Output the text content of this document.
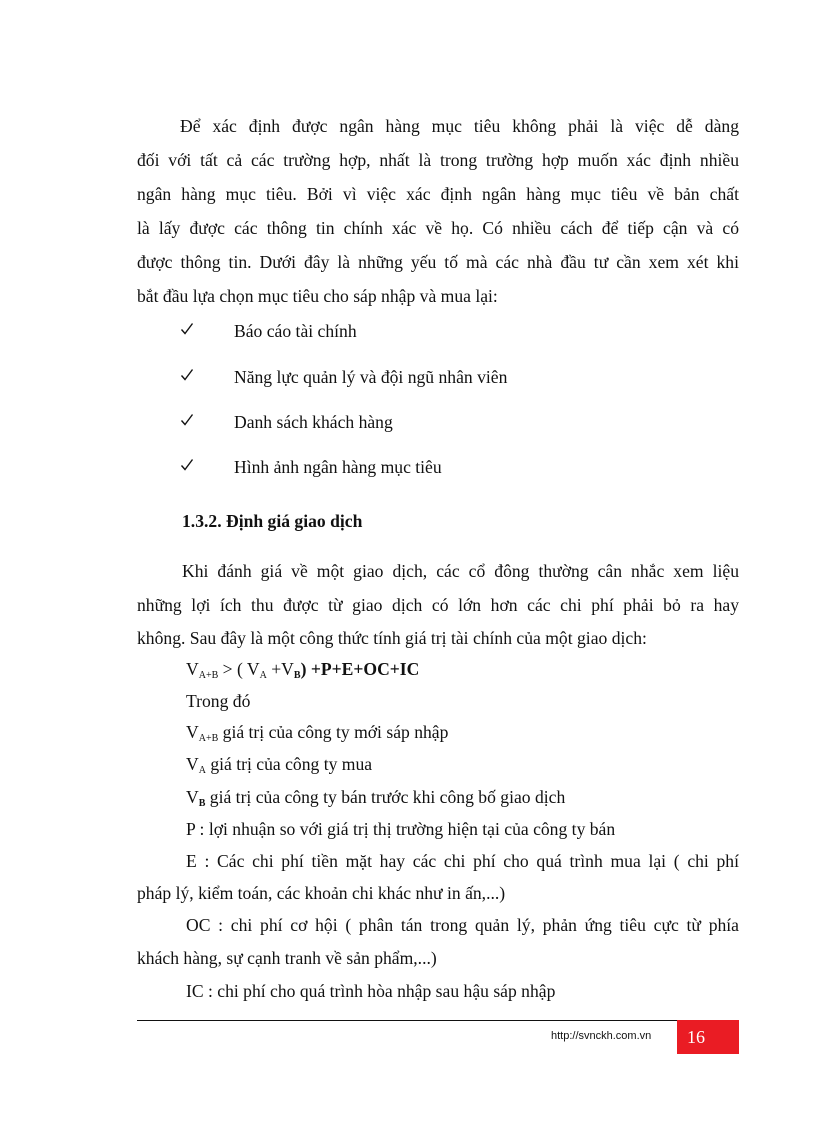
Để xác định được ngân hàng mục tiêu không phải là việc dễ dàng
đối với tất cả các trường hợp, nhất là trong trường hợp muốn xác định nhiều
ngân hàng mục tiêu. Bởi vì việc xác định ngân hàng mục tiêu về bản chất
là lấy được các thông tin chính xác về họ. Có nhiều cách để tiếp cận và có
được thông tin. Dưới đây là những yếu tố mà các nhà đầu tư cần xem xét khi
bắt đầu lựa chọn mục tiêu cho sáp nhập và mua lại:
Báo cáo tài chính
Năng lực quản lý và đội ngũ nhân viên
Danh sách khách hàng
Hình ảnh ngân hàng mục tiêu
1.3.2. Định giá giao dịch
Khi đánh giá về một giao dịch, các cổ đông thường cân nhắc xem liệu
những lợi ích thu được từ giao dịch có lớn hơn các chi phí phải bỏ ra hay
không. Sau đây là một công thức tính giá trị tài chính của một giao dịch:
$V_{A+B}$ > ( $V_A +V_B) +P+E+OC+IC$
Trong đó
$V_{A+B}$ giá trị của công ty mới sáp nhập
$V_A$ giá trị của công ty mua
$V_B$ giá trị của công ty bán trước khi công bố giao dịch
P : lợi nhuận so với giá trị thị trường hiện tại của công ty bán
E : Các chi phí tiền mặt hay các chi phí cho quá trình mua lại ( chi phí
pháp lý, kiểm toán, các khoản chi khác như in ấn,...)
OC : chi phí cơ hội ( phân tán trong quản lý, phản ứng tiêu cực từ phía
khách hàng, sự cạnh tranh về sản phẩm,...)
IC : chi phí cho quá trình hòa nhập sau hậu sáp nhập
http://svnckh.com.vn	16
